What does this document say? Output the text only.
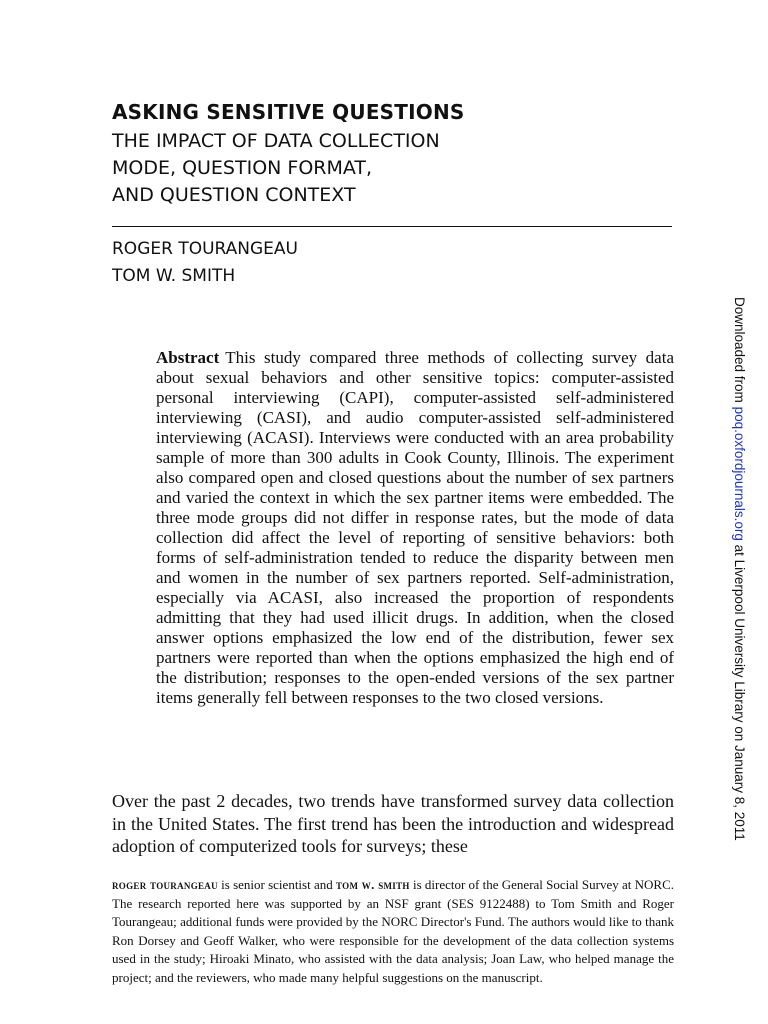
ASKING SENSITIVE QUESTIONS
THE IMPACT OF DATA COLLECTION
MODE, QUESTION FORMAT,
AND QUESTION CONTEXT
ROGER TOURANGEAU
TOM W. SMITH
Abstract This study compared three methods of collecting survey data about sexual behaviors and other sensitive topics: computer-assisted personal interviewing (CAPI), computer-assisted self-administered interviewing (CASI), and audio computer-assisted self-administered interviewing (ACASI). Interviews were conducted with an area probability sample of more than 300 adults in Cook County, Illinois. The experiment also compared open and closed questions about the number of sex partners and varied the context in which the sex partner items were embedded. The three mode groups did not differ in response rates, but the mode of data collection did affect the level of reporting of sensitive behaviors: both forms of self-administration tended to reduce the disparity between men and women in the number of sex partners reported. Self-administration, especially via ACASI, also increased the proportion of respondents admitting that they had used illicit drugs. In addition, when the closed answer options emphasized the low end of the distribution, fewer sex partners were reported than when the options emphasized the high end of the distribution; responses to the open-ended versions of the sex partner items generally fell between responses to the two closed versions.
Over the past 2 decades, two trends have transformed survey data collection in the United States. The first trend has been the introduction and widespread adoption of computerized tools for surveys; these
roger tourangeau is senior scientist and tom w. smith is director of the General Social Survey at NORC. The research reported here was supported by an NSF grant (SES 9122488) to Tom Smith and Roger Tourangeau; additional funds were provided by the NORC Director's Fund. The authors would like to thank Ron Dorsey and Geoff Walker, who were responsible for the development of the data collection systems used in the study; Hiroaki Minato, who assisted with the data analysis; Joan Law, who helped manage the project; and the reviewers, who made many helpful suggestions on the manuscript.
Downloaded from poq.oxfordjournals.org at Liverpool University Library on January 8, 2011
